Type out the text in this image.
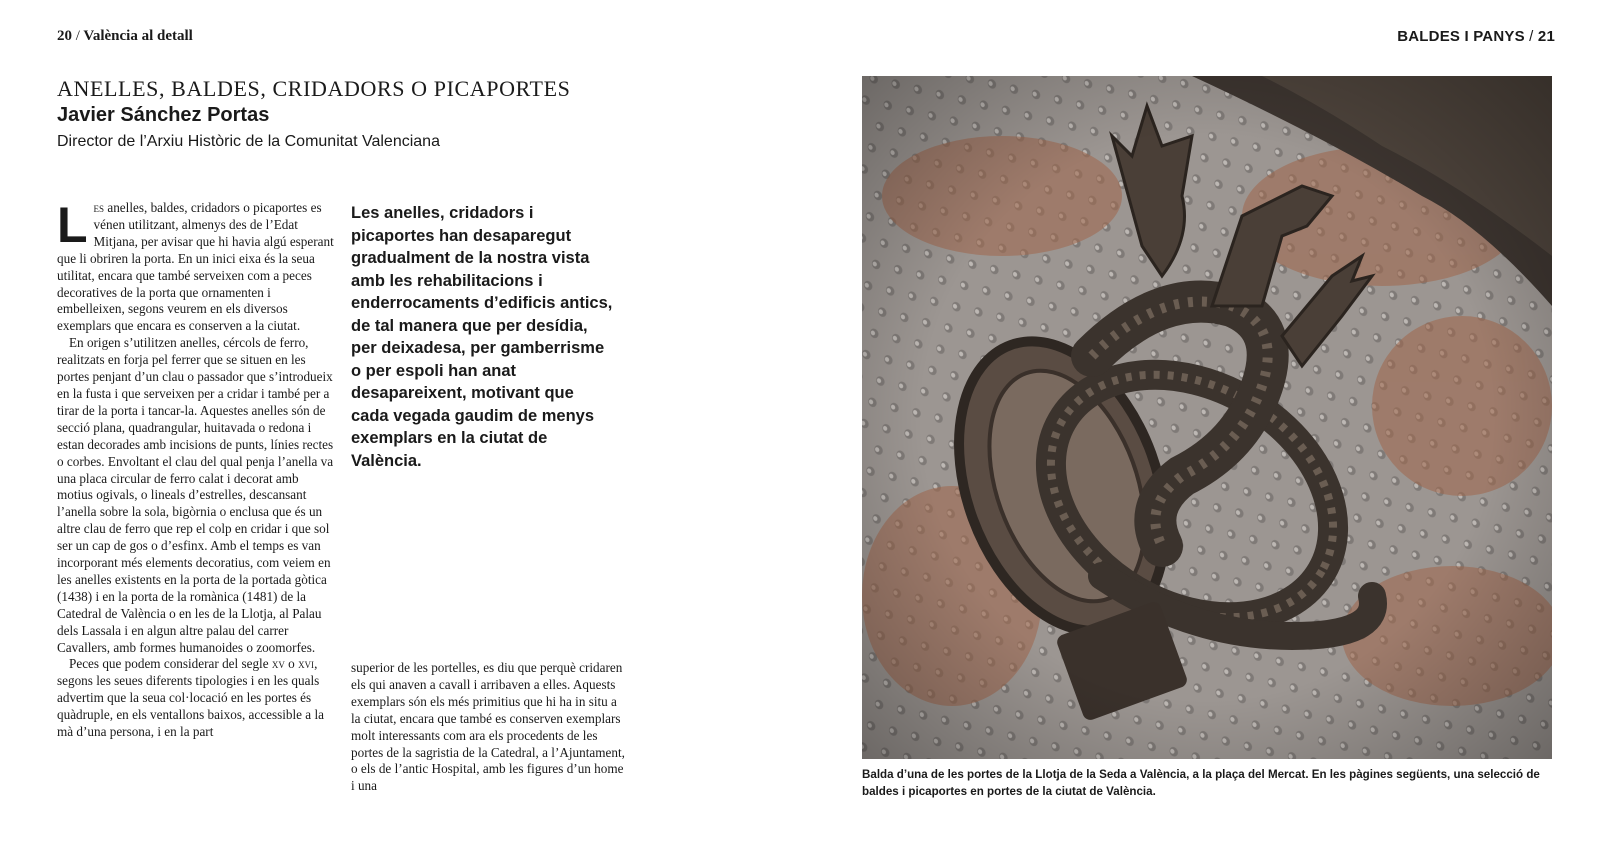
20 / València al detall	BALDES I PANYS / 21
ANELLES, BALDES, CRIDADORS O PICAPORTES

Javier Sánchez Portas

Director de l’Arxiu Històric de la Comunitat Valenciana

Les anelles, baldes, cridadors o picaportes es vénen utilitzant, almenys des de l’Edat Mitjana, per avisar que hi havia algú esperant que li obriren la porta. En un inici eixa és la seua utilitat, encara que també serveixen com a peces decoratives de la porta que ornamenten i embelleixen, segons veurem en els diversos exemplars que encara es conserven a la ciutat.

En origen s’utilitzen anelles, cércols de ferro, realitzats en forja pel ferrer que se situen en les portes penjant d’un clau o passador que s’introdueix en la fusta i que serveixen per a cridar i també per a tirar de la porta i tancar-la. Aquestes anelles són de secció plana, quadrangular, huitavada o redona i estan decorades amb incisions de punts, línies rectes o corbes. Envoltant el clau del qual penja l’anella va una placa circular de ferro calat i decorat amb motius ogivals, o lineals d’estrelles, descansant l’anella sobre la sola, bigòrnia o enclusa que és un altre clau de ferro que rep el colp en cridar i que sol ser un cap de gos o d’esfinx. Amb el temps es van incorporant més elements decoratius, com veiem en les anelles existents en la porta de la portada gòtica (1438) i en la porta de la romànica (1481) de la Catedral de València o en les de la Llotja, al Palau dels Lassala i en algun altre palau del carrer Cavallers, amb formes humanoides o zoomorfes.
Peces que podem considerar del segle xv o xvi, segons les seues diferents tipologies i en les quals advertim que la seua col·locació en les portes és quàdruple, en els ventallons baixos, accessible a la mà d’una persona, i en la part

Les anelles, cridadors i picaportes han desaparegut gradualment de la nostra vista amb les rehabilitacions i enderrocaments d’edificis antics, de tal manera que per desídia, per deixadesa, per gamberrisme o per espoli han anat desapareixent, motivant que cada vegada gaudim de menys exemplars en la ciutat de València.

superior de les portelles, es diu que perquè cridaren els qui anaven a cavall i arribaven a elles. Aquests exemplars són els més primitius que hi ha in situ a la ciutat, encara que també es conserven exemplars molt interessants com ara els procedents de les portes de la sagristia de la Catedral, a l’Ajuntament, o els de l’antic Hospital, amb les figures d’un home i una

Balda d’una de les portes de la Llotja de la Seda a València, a la plaça del Mercat. En les pàgines següents, una selecció de baldes i picaportes en portes de la ciutat de València.
